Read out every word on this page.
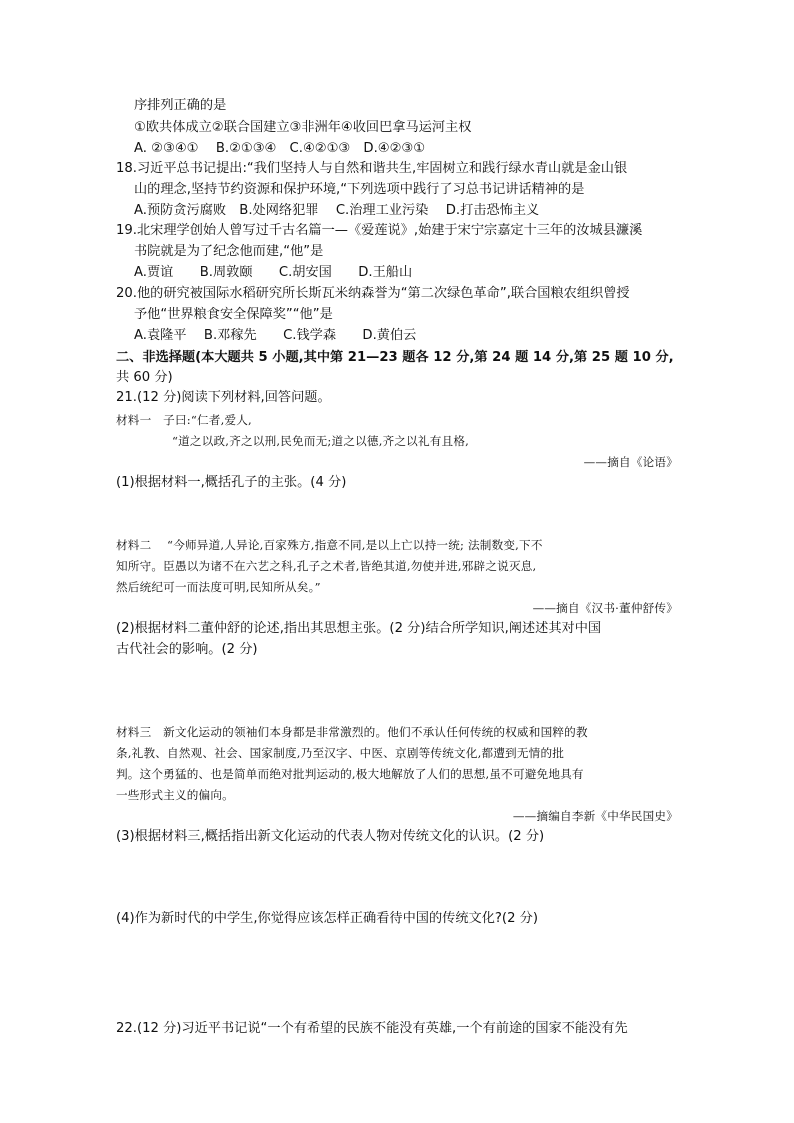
序排列正确的是
①欧共体成立②联合国建立③非洲年④收回巴拿马运河主权
A. ②③④①　 B.②①③④　C.④②①③　D.④②③①
18.习近平总书记提出:“我们坚持人与自然和谐共生,牢固树立和践行绿水青山就是金山银
山的理念,坚持节约资源和保护环境,“下列选项中践行了习总书记讲话精神的是
A.预防贪污腐败　B.处网络犯罪　 C.治理工业污染　 D.打击恐怖主义
19.北宋理学创始人曾写过千古名篇一—《爱莲说》,始建于宋宁宗嘉定十三年的汝城县濂溪
书院就是为了纪念他而建,“他”是
A.贾谊　　B.周敦颐　　C.胡安国　　D.王船山
20.他的研究被国际水稻研究所长斯瓦米纳森誉为“第二次绿色革命”,联合国粮农组织曾授
予他“世界粮食安全保障奖”“他”是
A.袁隆平　 B.邓稼先　　C.钱学森　　D.黄伯云
二、非选择题(本大题共 5 小题,其中第 21—23 题各 12 分,第 24 题 14 分,第 25 题 10 分,
共 60 分)
21.(12 分)阅读下列材料,回答问题。
材料一　子曰:“仁者,爱人,
“道之以政,齐之以刑,民免而无;道之以德,齐之以礼有且格,
——摘自《论语》
(1)根据材料一,概括孔子的主张。(4 分)
材料二　 “今师异道,人异论,百家殊方,指意不同,是以上亡以持一统; 法制数变,下不
知所守。臣愚以为诸不在六艺之科,孔子之术者,皆绝其道,勿使并进,邪辟之说灭息,
然后统纪可一而法度可明,民知所从矣。”
——摘自《汉书·董仲舒传》
(2)根据材料二董仲舒的论述,指出其思想主张。(2 分)结合所学知识,阐述述其对中国
古代社会的影响。(2 分)
材料三　新文化运动的领袖们本身都是非常激烈的。他们不承认任何传统的权威和国粹的教
条,礼教、自然观、社会、国家制度,乃至汉字、中医、京剧等传统文化,都遭到无情的批
判。这个勇猛的、也是简单而绝对批判运动的,极大地解放了人们的思想,虽不可避免地具有
一些形式主义的偏向。
——摘编自李新《中华民国史》
(3)根据材料三,概括指出新文化运动的代表人物对传统文化的认识。(2 分)
(4)作为新时代的中学生,你觉得应该怎样正确看待中国的传统文化?(2 分)
22.(12 分)习近平书记说“一个有希望的民族不能没有英雄,一个有前途的国家不能没有先
